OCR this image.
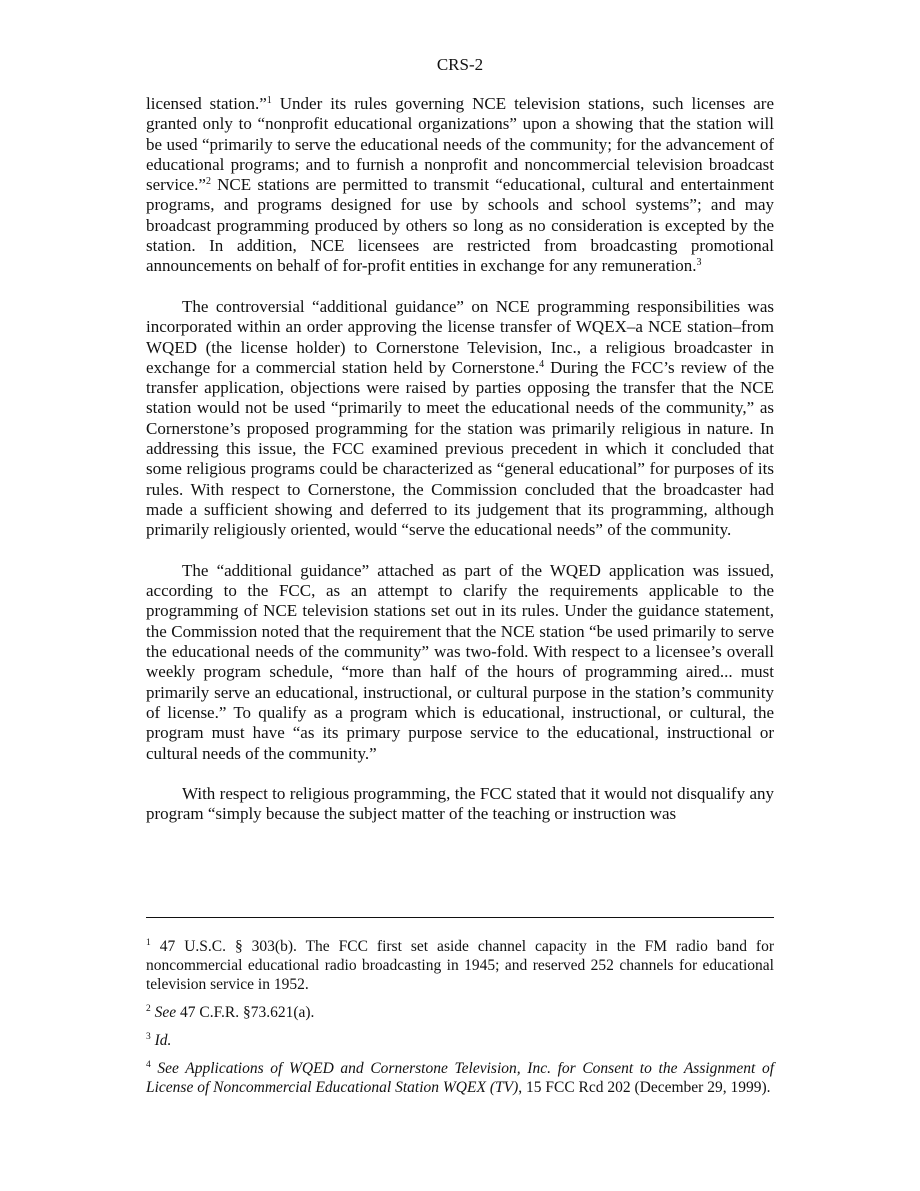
CRS-2

licensed station.”$^1$ Under its rules governing NCE television stations, such licenses are granted only to “nonprofit educational organizations” upon a showing that the station will be used “primarily to serve the educational needs of the community; for the advancement of educational programs; and to furnish a nonprofit and noncommercial television broadcast service.”$^2$ NCE stations are permitted to transmit “educational, cultural and entertainment programs, and programs designed for use by schools and school systems”; and may broadcast programming produced by others so long as no consideration is excepted by the station. In addition, NCE licensees are restricted from broadcasting promotional announcements on behalf of for-profit entities in exchange for any remuneration.$^3$

The controversial “additional guidance” on NCE programming responsibilities was incorporated within an order approving the license transfer of WQEX–a NCE station–from WQED (the license holder) to Cornerstone Television, Inc., a religious broadcaster in exchange for a commercial station held by Cornerstone.$^4$ During the FCC’s review of the transfer application, objections were raised by parties opposing the transfer that the NCE station would not be used “primarily to meet the educational needs of the community,” as Cornerstone’s proposed programming for the station was primarily religious in nature. In addressing this issue, the FCC examined previous precedent in which it concluded that some religious programs could be characterized as “general educational” for purposes of its rules. With respect to Cornerstone, the Commission concluded that the broadcaster had made a sufficient showing and deferred to its judgement that its programming, although primarily religiously oriented, would “serve the educational needs” of the community.

The “additional guidance” attached as part of the WQED application was issued, according to the FCC, as an attempt to clarify the requirements applicable to the programming of NCE television stations set out in its rules. Under the guidance statement, the Commission noted that the requirement that the NCE station “be used primarily to serve the educational needs of the community” was two-fold. With respect to a licensee’s overall weekly program schedule, “more than half of the hours of programming aired... must primarily serve an educational, instructional, or cultural purpose in the station’s community of license.” To qualify as a program which is educational, instructional, or cultural, the program must have “as its primary purpose service to the educational, instructional or cultural needs of the community.”

With respect to religious programming, the FCC stated that it would not disqualify any program “simply because the subject matter of the teaching or instruction was

$^1$ 47 U.S.C. § 303(b). The FCC first set aside channel capacity in the FM radio band for noncommercial educational radio broadcasting in 1945; and reserved 252 channels for educational television service in 1952.

$^2$ See 47 C.F.R. §73.621(a).

$^3$ Id.

$^4$ See Applications of WQED and Cornerstone Television, Inc. for Consent to the Assignment of License of Noncommercial Educational Station WQEX (TV), 15 FCC Rcd 202 (December 29, 1999).
